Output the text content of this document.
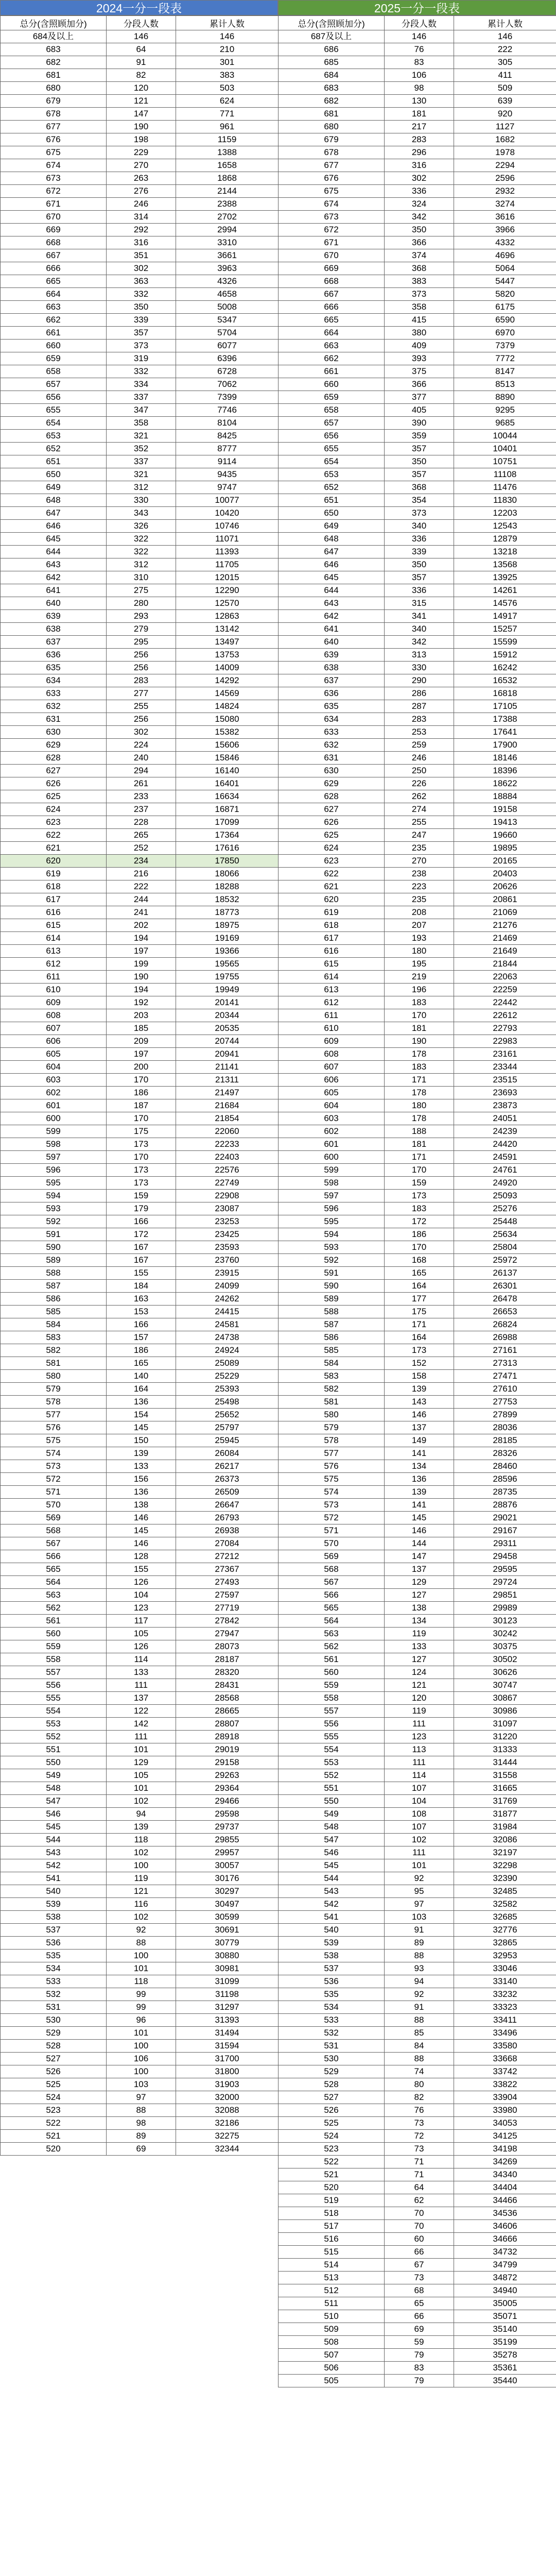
2024一分一段表
总分(含照顾加分)	分段人数	累计人数
684及以上	146	146
683	64	210
682	91	301
681	82	383
680	120	503
679	121	624
678	147	771
677	190	961
676	198	1159
675	229	1388
674	270	1658
673	263	1868
672	276	2144
671	246	2388
670	314	2702
669	292	2994
668	316	3310
667	351	3661
666	302	3963
665	363	4326
664	332	4658
663	350	5008
662	339	5347
661	357	5704
660	373	6077
659	319	6396
658	332	6728
657	334	7062
656	337	7399
655	347	7746
654	358	8104
653	321	8425
652	352	8777
651	337	9114
650	321	9435
649	312	9747
648	330	10077
647	343	10420
646	326	10746
645	322	11071
644	322	11393
643	312	11705
642	310	12015
641	275	12290
640	280	12570
639	293	12863
638	279	13142
637	295	13497
636	256	13753
635	256	14009
634	283	14292
633	277	14569
632	255	14824
631	256	15080
630	302	15382
629	224	15606
628	240	15846
627	294	16140
626	261	16401
625	233	16634
624	237	16871
623	228	17099
622	265	17364
621	252	17616
620	234	17850
619	216	18066
618	222	18288
617	244	18532
616	241	18773
615	202	18975
614	194	19169
613	197	19366
612	199	19565
611	190	19755
610	194	19949
609	192	20141
608	203	20344
607	185	20535
606	209	20744
605	197	20941
604	200	21141
603	170	21311
602	186	21497
601	187	21684
600	170	21854
599	175	22060
598	173	22233
597	170	22403
596	173	22576
595	173	22749
594	159	22908
593	179	23087
592	166	23253
591	172	23425
590	167	23593
589	167	23760
588	155	23915
587	184	24099
586	163	24262
585	153	24415
584	166	24581
583	157	24738
582	186	24924
581	165	25089
580	140	25229
579	164	25393
578	136	25498
577	154	25652
576	145	25797
575	150	25945
574	139	26084
573	133	26217
572	156	26373
571	136	26509
570	138	26647
569	146	26793
568	145	26938
567	146	27084
566	128	27212
565	155	27367
564	126	27493
563	104	27597
562	123	27719
561	117	27842
560	105	27947
559	126	28073
558	114	28187
557	133	28320
556	111	28431
555	137	28568
554	122	28665
553	142	28807
552	111	28918
551	101	29019
550	129	29158
549	105	29263
548	101	29364
547	102	29466
546	94	29598
545	139	29737
544	118	29855
543	102	29957
542	100	30057
541	119	30176
540	121	30297
539	116	30497
538	102	30599
537	92	30691
536	88	30779
535	100	30880
534	101	30981
533	118	31099
532	99	31198
531	99	31297
530	96	31393
529	101	31494
528	100	31594
527	106	31700
526	100	31800
525	103	31903
524	97	32000
523	88	32088
522	98	32186
521	89	32275
520	69	32344
2025一分一段表
总分(含照顾加分)	分段人数	累计人数
687及以上	146	146
686	76	222
685	83	305
684	106	411
683	98	509
682	130	639
681	181	920
680	217	1127
679	283	1682
678	296	1978
677	316	2294
676	302	2596
675	336	2932
674	324	3274
673	342	3616
672	350	3966
671	366	4332
670	374	4696
669	368	5064
668	383	5447
667	373	5820
666	358	6175
665	415	6590
664	380	6970
663	409	7379
662	393	7772
661	375	8147
660	366	8513
659	377	8890
658	405	9295
657	390	9685
656	359	10044
655	357	10401
654	350	10751
653	357	11108
652	368	11476
651	354	11830
650	373	12203
649	340	12543
648	336	12879
647	339	13218
646	350	13568
645	357	13925
644	336	14261
643	315	14576
642	341	14917
641	340	15257
640	342	15599
639	313	15912
638	330	16242
637	290	16532
636	286	16818
635	287	17105
634	283	17388
633	253	17641
632	259	17900
631	246	18146
630	250	18396
629	226	18622
628	262	18884
627	274	19158
626	255	19413
625	247	19660
624	235	19895
623	270	20165
622	238	20403
621	223	20626
620	235	20861
619	208	21069
618	207	21276
617	193	21469
616	180	21649
615	195	21844
614	219	22063
613	196	22259
612	183	22442
611	170	22612
610	181	22793
609	190	22983
608	178	23161
607	183	23344
606	171	23515
605	178	23693
604	180	23873
603	178	24051
602	188	24239
601	181	24420
600	171	24591
599	170	24761
598	159	24920
597	173	25093
596	183	25276
595	172	25448
594	186	25634
593	170	25804
592	168	25972
591	165	26137
590	164	26301
589	177	26478
588	175	26653
587	171	26824
586	164	26988
585	173	27161
584	152	27313
583	158	27471
582	139	27610
581	143	27753
580	146	27899
579	137	28036
578	149	28185
577	141	28326
576	134	28460
575	136	28596
574	139	28735
573	141	28876
572	145	29021
571	146	29167
570	144	29311
569	147	29458
568	137	29595
567	129	29724
566	127	29851
565	138	29989
564	134	30123
563	119	30242
562	133	30375
561	127	30502
560	124	30626
559	121	30747
558	120	30867
557	119	30986
556	111	31097
555	123	31220
554	113	31333
553	111	31444
552	114	31558
551	107	31665
550	104	31769
549	108	31877
548	107	31984
547	102	32086
546	111	32197
545	101	32298
544	92	32390
543	95	32485
542	97	32582
541	103	32685
540	91	32776
539	89	32865
538	88	32953
537	93	33046
536	94	33140
535	92	33232
534	91	33323
533	88	33411
532	85	33496
531	84	33580
530	88	33668
529	74	33742
528	80	33822
527	82	33904
526	76	33980
525	73	34053
524	72	34125
523	73	34198
522	71	34269
521	71	34340
520	64	34404
519	62	34466
518	70	34536
517	70	34606
516	60	34666
515	66	34732
514	67	34799
513	73	34872
512	68	34940
511	65	35005
510	66	35071
509	69	35140
508	59	35199
507	79	35278
506	83	35361
505	79	35440
